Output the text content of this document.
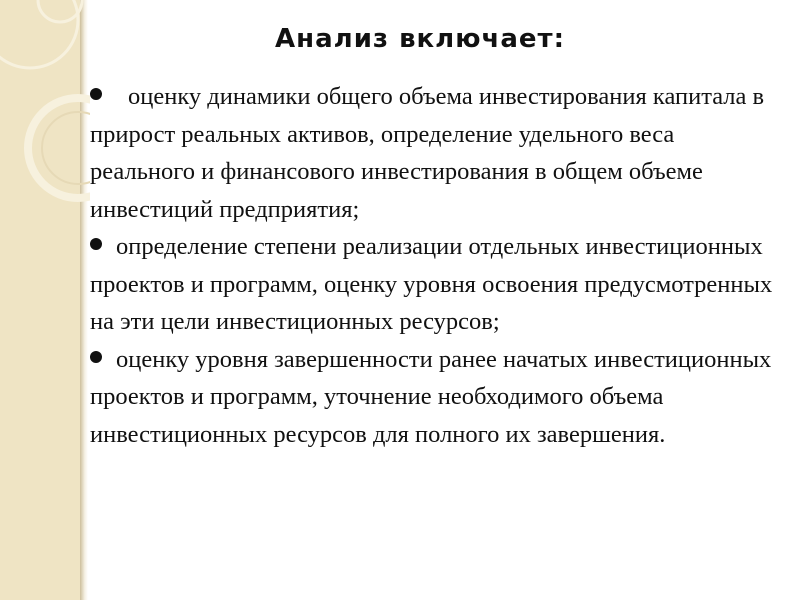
Анализ включает:

оценку динамики общего объема инвестирования капитала в прирост реальных активов, определение удельного веса реального и финансового инвестирования в общем объеме инвестиций предприятия;

определение степени реализации отдельных инвестиционных проектов и программ, оценку уровня освоения предусмотренных на эти цели инвестиционных ресурсов;

оценку уровня завершенности ранее начатых инвестиционных проектов и программ, уточнение необходимого объема инвестиционных ресурсов для полного их завершения.
